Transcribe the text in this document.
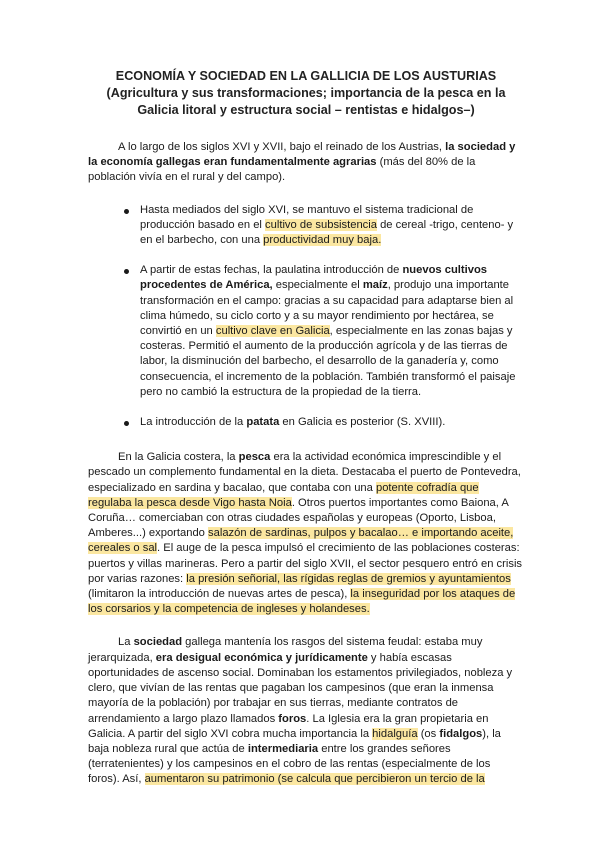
ECONOMÍA Y SOCIEDAD EN LA GALLICIA DE LOS AUSTURIAS
(Agricultura y sus transformaciones; importancia de la pesca en la Galicia litoral y estructura social – rentistas e hidalgos–)

A lo largo de los siglos XVI y XVII, bajo el reinado de los Austrias, la sociedad y la economía gallegas eran fundamentalmente agrarias (más del 80% de la población vivía en el rural y del campo).

Hasta mediados del siglo XVI, se mantuvo el sistema tradicional de producción basado en el cultivo de subsistencia de cereal -trigo, centeno- y en el barbecho, con una productividad muy baja.
A partir de estas fechas, la paulatina introducción de nuevos cultivos procedentes de América, especialmente el maíz, produjo una importante transformación en el campo: gracias a su capacidad para adaptarse bien al clima húmedo, su ciclo corto y a su mayor rendimiento por hectárea, se convirtió en un cultivo clave en Galicia, especialmente en las zonas bajas y costeras. Permitió el aumento de la producción agrícola y de las tierras de labor, la disminución del barbecho, el desarrollo de la ganadería y, como consecuencia, el incremento de la población. También transformó el paisaje pero no cambió la estructura de la propiedad de la tierra.
La introducción de la patata en Galicia es posterior (S. XVIII).

En la Galicia costera, la pesca era la actividad económica imprescindible y el pescado un complemento fundamental en la dieta. Destacaba el puerto de Pontevedra, especializado en sardina y bacalao, que contaba con una potente cofradía que regulaba la pesca desde Vigo hasta Noia. Otros puertos importantes como Baiona, A Coruña… comerciaban con otras ciudades españolas y europeas (Oporto, Lisboa, Amberes...) exportando salazón de sardinas, pulpos y bacalao… e importando aceite, cereales o sal. El auge de la pesca impulsó el crecimiento de las poblaciones costeras: puertos y villas marineras. Pero a partir del siglo XVII, el sector pesquero entró en crisis por varias razones: la presión señorial, las rígidas reglas de gremios y ayuntamientos (limitaron la introducción de nuevas artes de pesca), la inseguridad por los ataques de los corsarios y la competencia de ingleses y holandeses.

La sociedad gallega mantenía los rasgos del sistema feudal: estaba muy jerarquizada, era desigual económica y jurídicamente y había escasas oportunidades de ascenso social. Dominaban los estamentos privilegiados, nobleza y clero, que vivían de las rentas que pagaban los campesinos (que eran la inmensa mayoría de la población) por trabajar en sus tierras, mediante contratos de arrendamiento a largo plazo llamados foros. La Iglesia era la gran propietaria en Galicia. A partir del siglo XVI cobra mucha importancia la hidalguía (os fidalgos), la baja nobleza rural que actúa de intermediaria entre los grandes señores (terratenientes) y los campesinos en el cobro de las rentas (especialmente de los foros). Así, aumentaron su patrimonio (se calcula que percibieron un tercio de la
